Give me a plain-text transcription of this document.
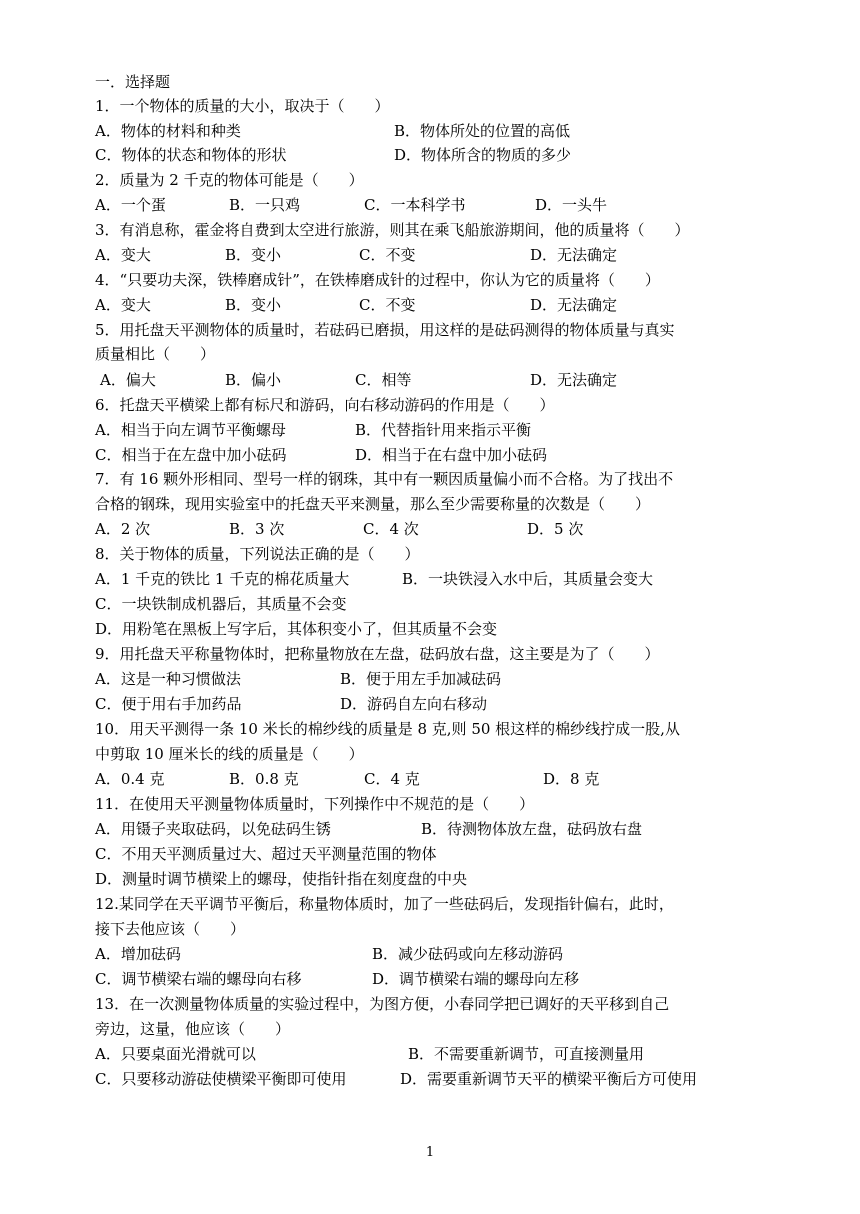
一．选择题
1．一个物体的质量的大小，取决于（　　）
A．物体的材料和种类	B．物体所处的位置的高低
C．物体的状态和物体的形状	D．物体所含的物质的多少
2．质量为 2 千克的物体可能是（　　）
A．一个蛋	B．一只鸡	C．一本科学书	D．一头牛
3．有消息称，霍金将自费到太空进行旅游，则其在乘飞船旅游期间，他的质量将（　　）
A．变大	B．变小	C．不变	D．无法确定
4．“只要功夫深，铁棒磨成针”，在铁棒磨成针的过程中，你认为它的质量将（　　）
A．变大	B．变小	C．不变	D．无法确定
5．用托盘天平测物体的质量时，若砝码已磨损，用这样的是砝码测得的物体质量与真实
质量相比（　　）
A．偏大	B．偏小	C．相等	D．无法确定
6．托盘天平横梁上都有标尺和游码，向右移动游码的作用是（　　）
A．相当于向左调节平衡螺母	B．代替指针用来指示平衡
C．相当于在左盘中加小砝码	D．相当于在右盘中加小砝码
7．有 16 颗外形相同、型号一样的钢珠，其中有一颗因质量偏小而不合格。为了找出不
合格的钢珠，现用实验室中的托盘天平来测量，那么至少需要称量的次数是（　　）
A．2 次	B．3 次	C．4 次	D．5 次
8．关于物体的质量，下列说法正确的是（　　）
A．1 千克的铁比 1 千克的棉花质量大	B．一块铁浸入水中后，其质量会变大
C．一块铁制成机器后，其质量不会变
D．用粉笔在黑板上写字后，其体积变小了，但其质量不会变
9．用托盘天平称量物体时，把称量物放在左盘，砝码放右盘，这主要是为了（　　）
A．这是一种习惯做法	B．便于用左手加减砝码
C．便于用右手加药品	D．游码自左向右移动
10．用天平测得一条 10 米长的棉纱线的质量是 8 克,则 50 根这样的棉纱线拧成一股,从
中剪取 10 厘米长的线的质量是（　　）
A．0.4 克	B．0.8 克	C．4 克	D．8 克
11．在使用天平测量物体质量时，下列操作中不规范的是（　　）
A．用镊子夹取砝码，以免砝码生锈	B．待测物体放左盘，砝码放右盘
C．不用天平测质量过大、超过天平测量范围的物体
D．测量时调节横梁上的螺母，使指针指在刻度盘的中央
12.某同学在天平调节平衡后，称量物体质时，加了一些砝码后，发现指针偏右，此时，
接下去他应该（　　）
A．增加砝码	B．减少砝码或向左移动游码
C．调节横梁右端的螺母向右移	D．调节横梁右端的螺母向左移
13．在一次测量物体质量的实验过程中，为图方便，小春同学把已调好的天平移到自己
旁边，这量，他应该（　　）
A．只要桌面光滑就可以	B．不需要重新调节，可直接测量用
C．只要移动游砝使横梁平衡即可使用	D．需要重新调节天平的横梁平衡后方可使用
1
